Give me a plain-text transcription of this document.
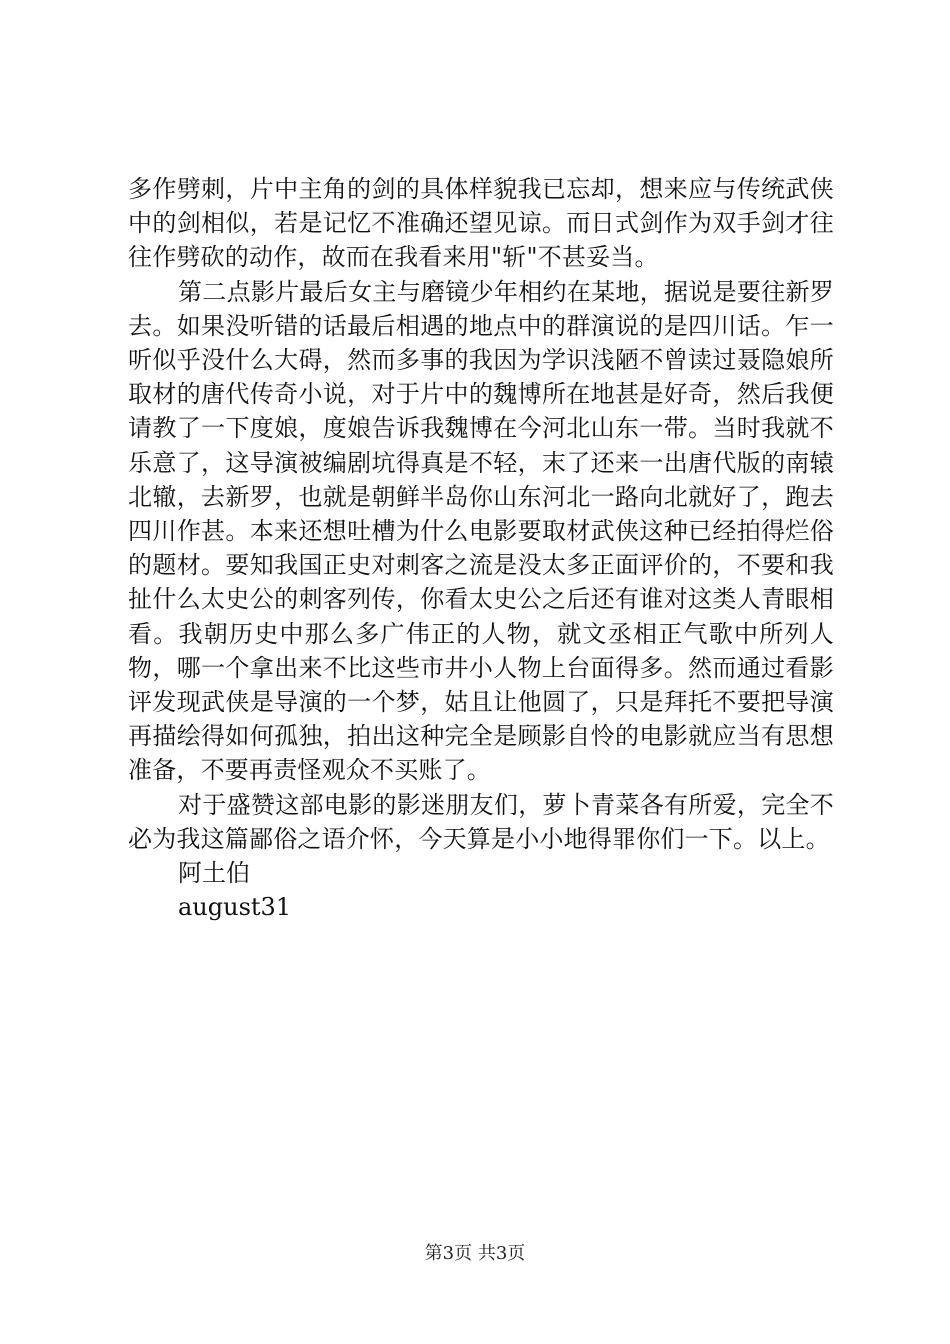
多作劈刺，片中主角的剑的具体样貌我已忘却，想来应与传统武侠中的剑相似，若是记忆不准确还望见谅。而日式剑作为双手剑才往往作劈砍的动作，故而在我看来用"斩"不甚妥当。

第二点影片最后女主与磨镜少年相约在某地，据说是要往新罗去。如果没听错的话最后相遇的地点中的群演说的是四川话。乍一听似乎没什么大碍，然而多事的我因为学识浅陋不曾读过聂隐娘所取材的唐代传奇小说，对于片中的魏博所在地甚是好奇，然后我便请教了一下度娘，度娘告诉我魏博在今河北山东一带。当时我就不乐意了，这导演被编剧坑得真是不轻，末了还来一出唐代版的南辕北辙，去新罗，也就是朝鲜半岛你山东河北一路向北就好了，跑去四川作甚。本来还想吐槽为什么电影要取材武侠这种已经拍得烂俗的题材。要知我国正史对刺客之流是没太多正面评价的，不要和我扯什么太史公的刺客列传，你看太史公之后还有谁对这类人青眼相看。我朝历史中那么多广伟正的人物，就文丞相正气歌中所列人物，哪一个拿出来不比这些市井小人物上台面得多。然而通过看影评发现武侠是导演的一个梦，姑且让他圆了，只是拜托不要把导演再描绘得如何孤独，拍出这种完全是顾影自怜的电影就应当有思想准备，不要再责怪观众不买账了。

对于盛赞这部电影的影迷朋友们，萝卜青菜各有所爱，完全不必为我这篇鄙俗之语介怀，今天算是小小地得罪你们一下。以上。

阿土伯

august31

第3页 共3页
